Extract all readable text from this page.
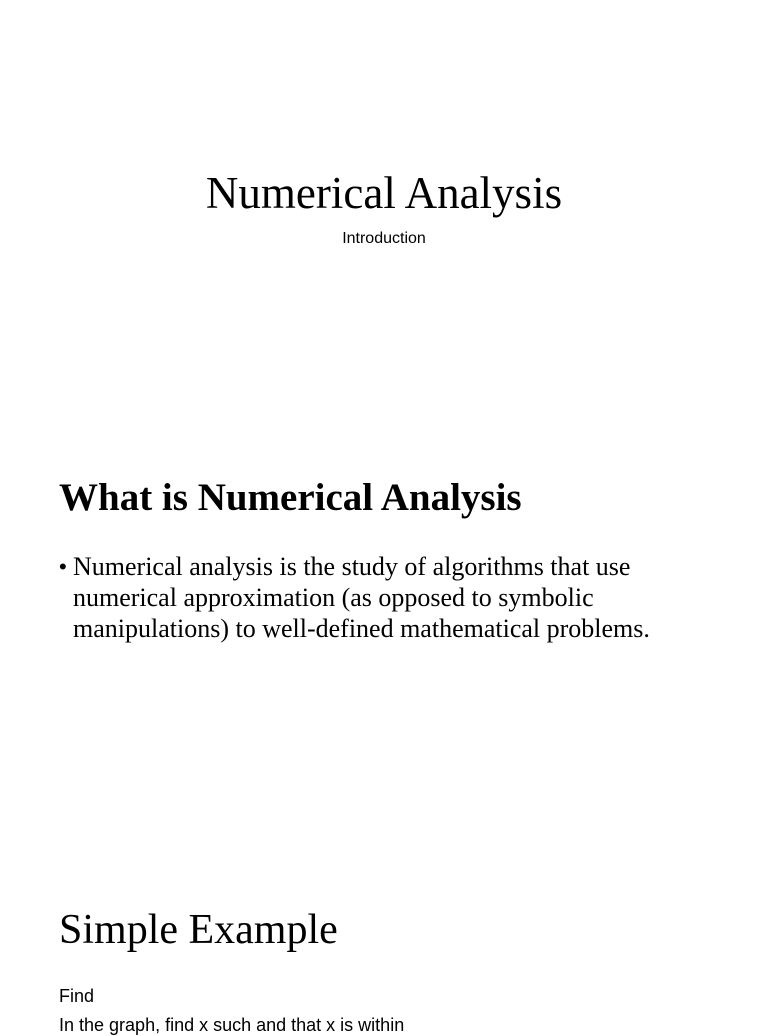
Numerical Analysis

Introduction

What is Numerical Analysis
• Numerical analysis is the study of algorithms that use numerical approximation (as opposed to symbolic manipulations) to well-defined mathematical problems.

Simple Example

Find

In the graph, find x such and that x is within
